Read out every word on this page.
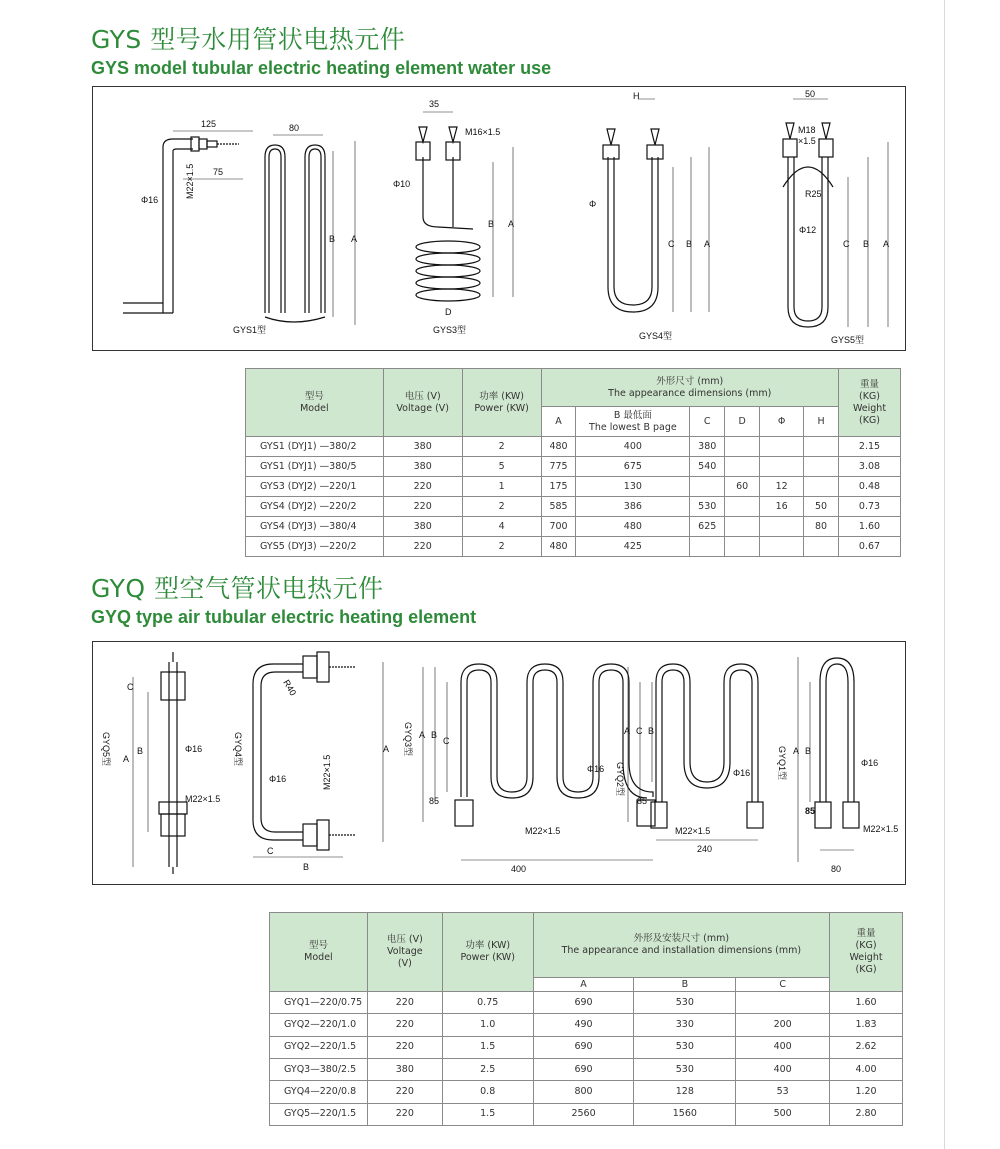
GYS 型号水用管状电热元件
GYS model tubular electric heating element water use
125	80
75
Φ16
M22×1.5
B A
GYS1型
35
M16×1.5
Φ10
B A
D
GYS3型
H
Φ
C B A
GYS4型
50
M18
×1.5
R25
Φ12
C B A
GYS5型
型号
Model	电压 (V)
Voltage (V)	功率 (KW)
Power (KW)	外形尺寸 (mm)
The appearance dimensions (mm)						重量
(KG)
Weight
(KG)

			A	B 最低面
The lowest B page	C	D	Φ	H	
GYS1 (DYJ1) —380/2	380	2	480	400	380				2.15
GYS1 (DYJ1) —380/5	380	5	775	675	540				3.08
GYS3 (DYJ2) —220/1	220	1	175	130		60	12		0.48
GYS4 (DYJ2) —220/2	220	2	585	386	530		16	50	0.73
GYS4 (DYJ3) —380/4	380	4	700	480	625			80	1.60
GYS5 (DYJ3) —220/2	220	2	480	425					0.67
GYQ 型空气管状电热元件
GYQ type air tubular electric heating element
C
B
A
Φ16
M22×1.5
GYQ5型
R40
Φ16	M22×1.5
A
C
B
GYQ4型	A B
C
85
400
Φ16
M22×1.5
GYQ3型	A C B
Φ16
85
M22×1.5
240
GYQ2型
A B
85
Φ16
M22×1.5
80
GYQ1型
型号
Model	电压 (V)
Voltage
(V)	功率 (KW)
Power (KW)	外形及安装尺寸 (mm)
The appearance and installation dimensions (mm)			重量
(KG)
Weight
(KG)

			A	B	C	
GYQ1—220/0.75	220	0.75	690	530		1.60
GYQ2—220/1.0	220	1.0	490	330	200	1.83
GYQ2—220/1.5	220	1.5	690	530	400	2.62
GYQ3—380/2.5	380	2.5	690	530	400	4.00
GYQ4—220/0.8	220	0.8	800	128	53	1.20
GYQ5—220/1.5	220	1.5	2560	1560	500	2.80
